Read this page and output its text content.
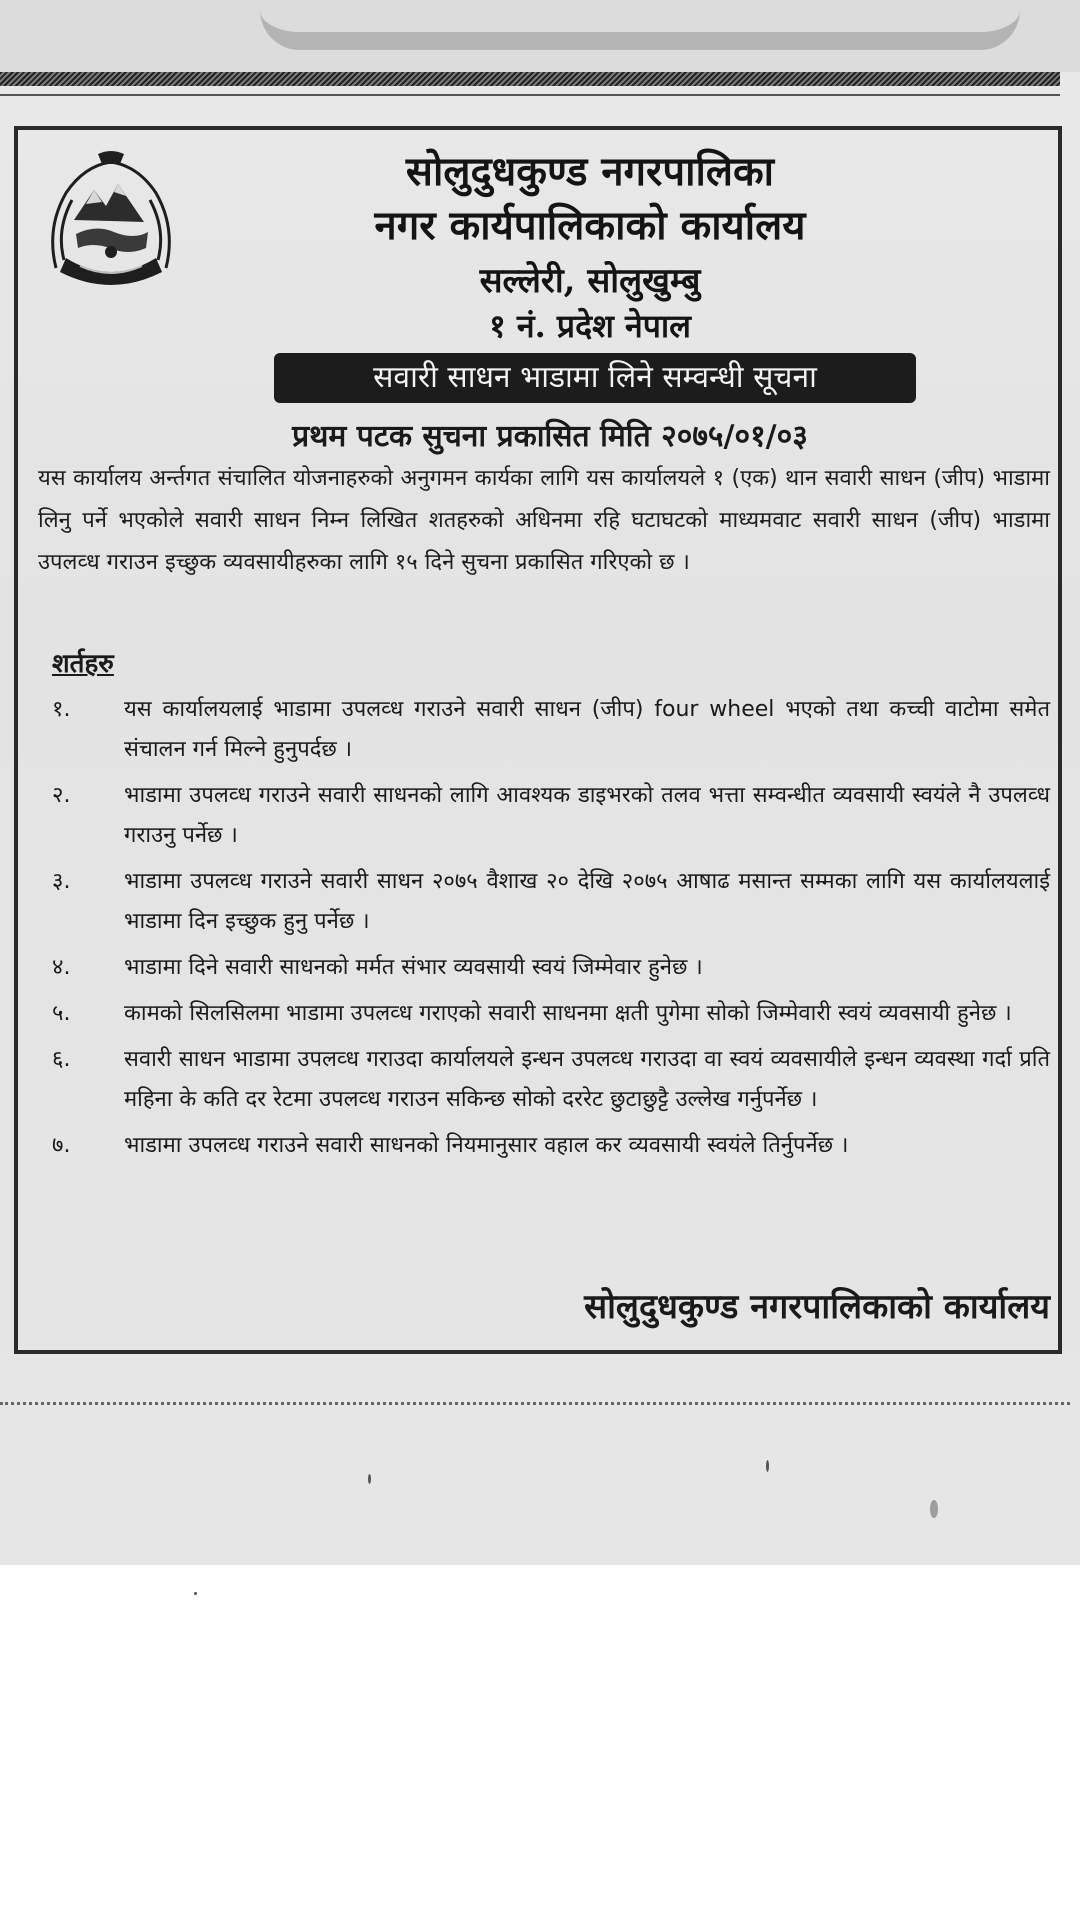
सोलुदुधकुण्ड नगरपालिका
नगर कार्यपालिकाको कार्यालय
सल्लेरी, सोलुखुम्बु
१ नं. प्रदेश नेपाल
सवारी साधन भाडामा लिने सम्वन्धी सूचना
प्रथम पटक सुचना प्रकासित मिति २०७५/०१/०३
यस कार्यालय अर्न्तगत संचालित योजनाहरुको अनुगमन कार्यका लागि यस कार्यालयले १ (एक) थान सवारी साधन (जीप) भाडामा लिनु पर्ने भएकोले सवारी साधन निम्न लिखित शतहरुको अधिनमा रहि घटाघटको माध्यमवाट सवारी साधन (जीप) भाडामा उपलव्ध गराउन इच्छुक व्यवसायीहरुका लागि १५ दिने सुचना प्रकासित गरिएको छ ।
शर्तहरु
१.	यस कार्यालयलाई भाडामा उपलव्ध गराउने सवारी साधन (जीप) four wheel भएको तथा कच्ची वाटोमा समेत संचालन गर्न मिल्ने हुनुपर्दछ ।
२.	भाडामा उपलव्ध गराउने सवारी साधनको लागि आवश्यक डाइभरको तलव भत्ता सम्वन्धीत व्यवसायी स्वयंले नै उपलव्ध गराउनु पर्नेछ ।
३.	भाडामा उपलव्ध गराउने सवारी साधन २०७५ वैशाख २० देखि २०७५ आषाढ मसान्त सम्मका लागि यस कार्यालयलाई भाडामा दिन इच्छुक हुनु पर्नेछ ।
४.	भाडामा दिने सवारी साधनको मर्मत संभार व्यवसायी स्वयं जिम्मेवार हुनेछ ।
५.	कामको सिलसिलमा भाडामा उपलव्ध गराएको सवारी साधनमा क्षती पुगेमा सोको जिम्मेवारी स्वयं व्यवसायी हुनेछ ।
६.	सवारी साधन भाडामा उपलव्ध गराउदा कार्यालयले इन्धन उपलव्ध गराउदा वा स्वयं व्यवसायीले इन्धन व्यवस्था गर्दा प्रति महिना के कति दर रेटमा उपलव्ध गराउन सकिन्छ सोको दररेट छुटाछुट्टै उल्लेख गर्नुपर्नेछ ।
७.	भाडामा उपलव्ध गराउने सवारी साधनको नियमानुसार वहाल कर व्यवसायी स्वयंले तिर्नुपर्नेछ ।
सोलुदुधकुण्ड नगरपालिकाको कार्यालय
